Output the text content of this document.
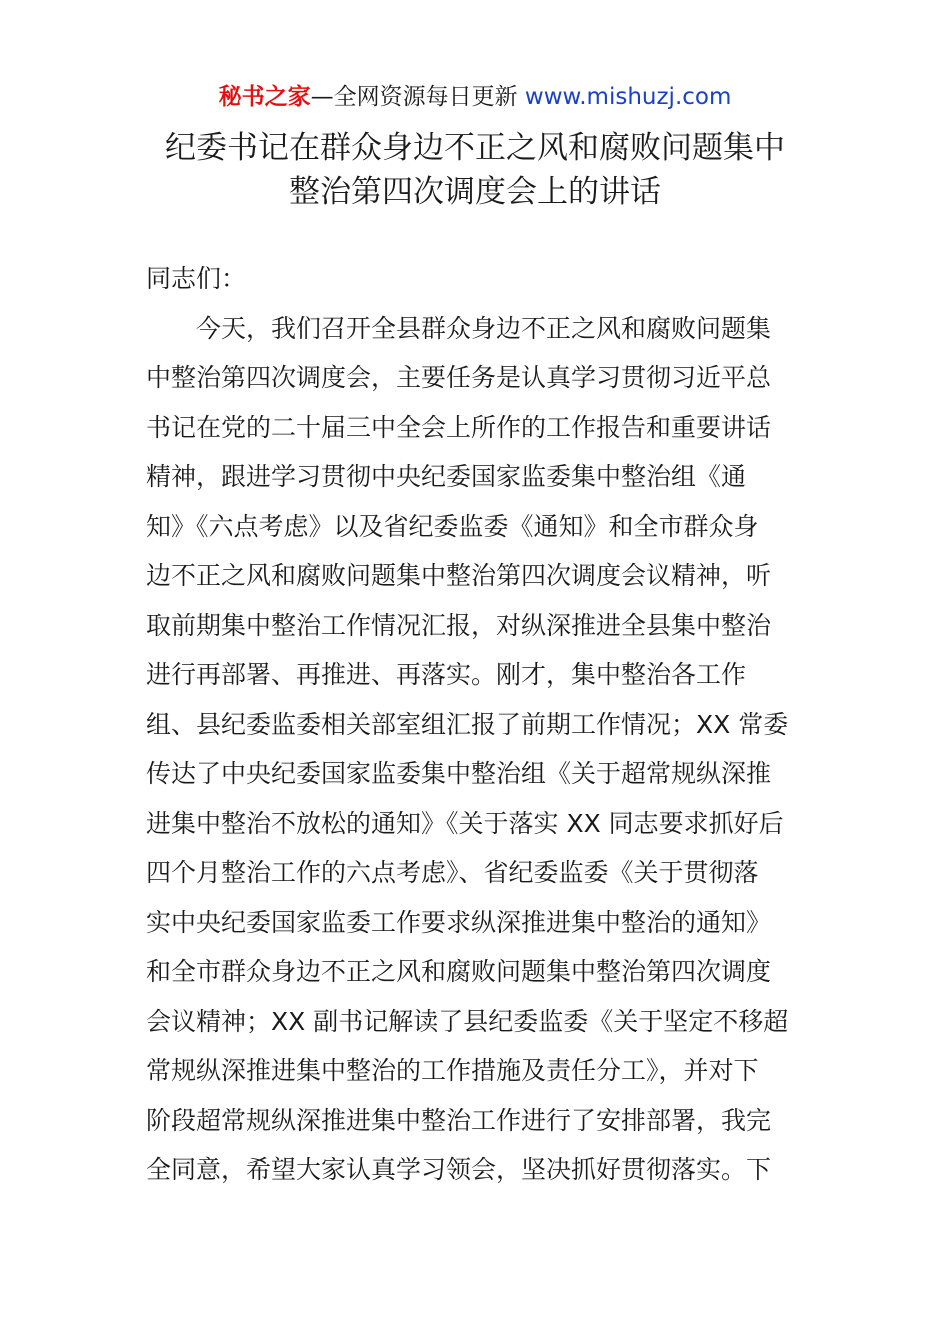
秘书之家—全网资源每日更新 www.mishuzj.com
纪委书记在群众身边不正之风和腐败问题集中
整治第四次调度会上的讲话
同志们：
今天，我们召开全县群众身边不正之风和腐败问题集
中整治第四次调度会，主要任务是认真学习贯彻习近平总
书记在党的二十届三中全会上所作的工作报告和重要讲话
精神，跟进学习贯彻中央纪委国家监委集中整治组《通
知》《六点考虑》以及省纪委监委《通知》和全市群众身
边不正之风和腐败问题集中整治第四次调度会议精神，听
取前期集中整治工作情况汇报，对纵深推进全县集中整治
进行再部署、再推进、再落实。刚才，集中整治各工作
组、县纪委监委相关部室组汇报了前期工作情况；XX 常委
传达了中央纪委国家监委集中整治组《关于超常规纵深推
进集中整治不放松的通知》《关于落实 XX 同志要求抓好后
四个月整治工作的六点考虑》、省纪委监委《关于贯彻落
实中央纪委国家监委工作要求纵深推进集中整治的通知》
和全市群众身边不正之风和腐败问题集中整治第四次调度
会议精神；XX 副书记解读了县纪委监委《关于坚定不移超
常规纵深推进集中整治的工作措施及责任分工》，并对下
阶段超常规纵深推进集中整治工作进行了安排部署，我完
全同意，希望大家认真学习领会，坚决抓好贯彻落实。下
